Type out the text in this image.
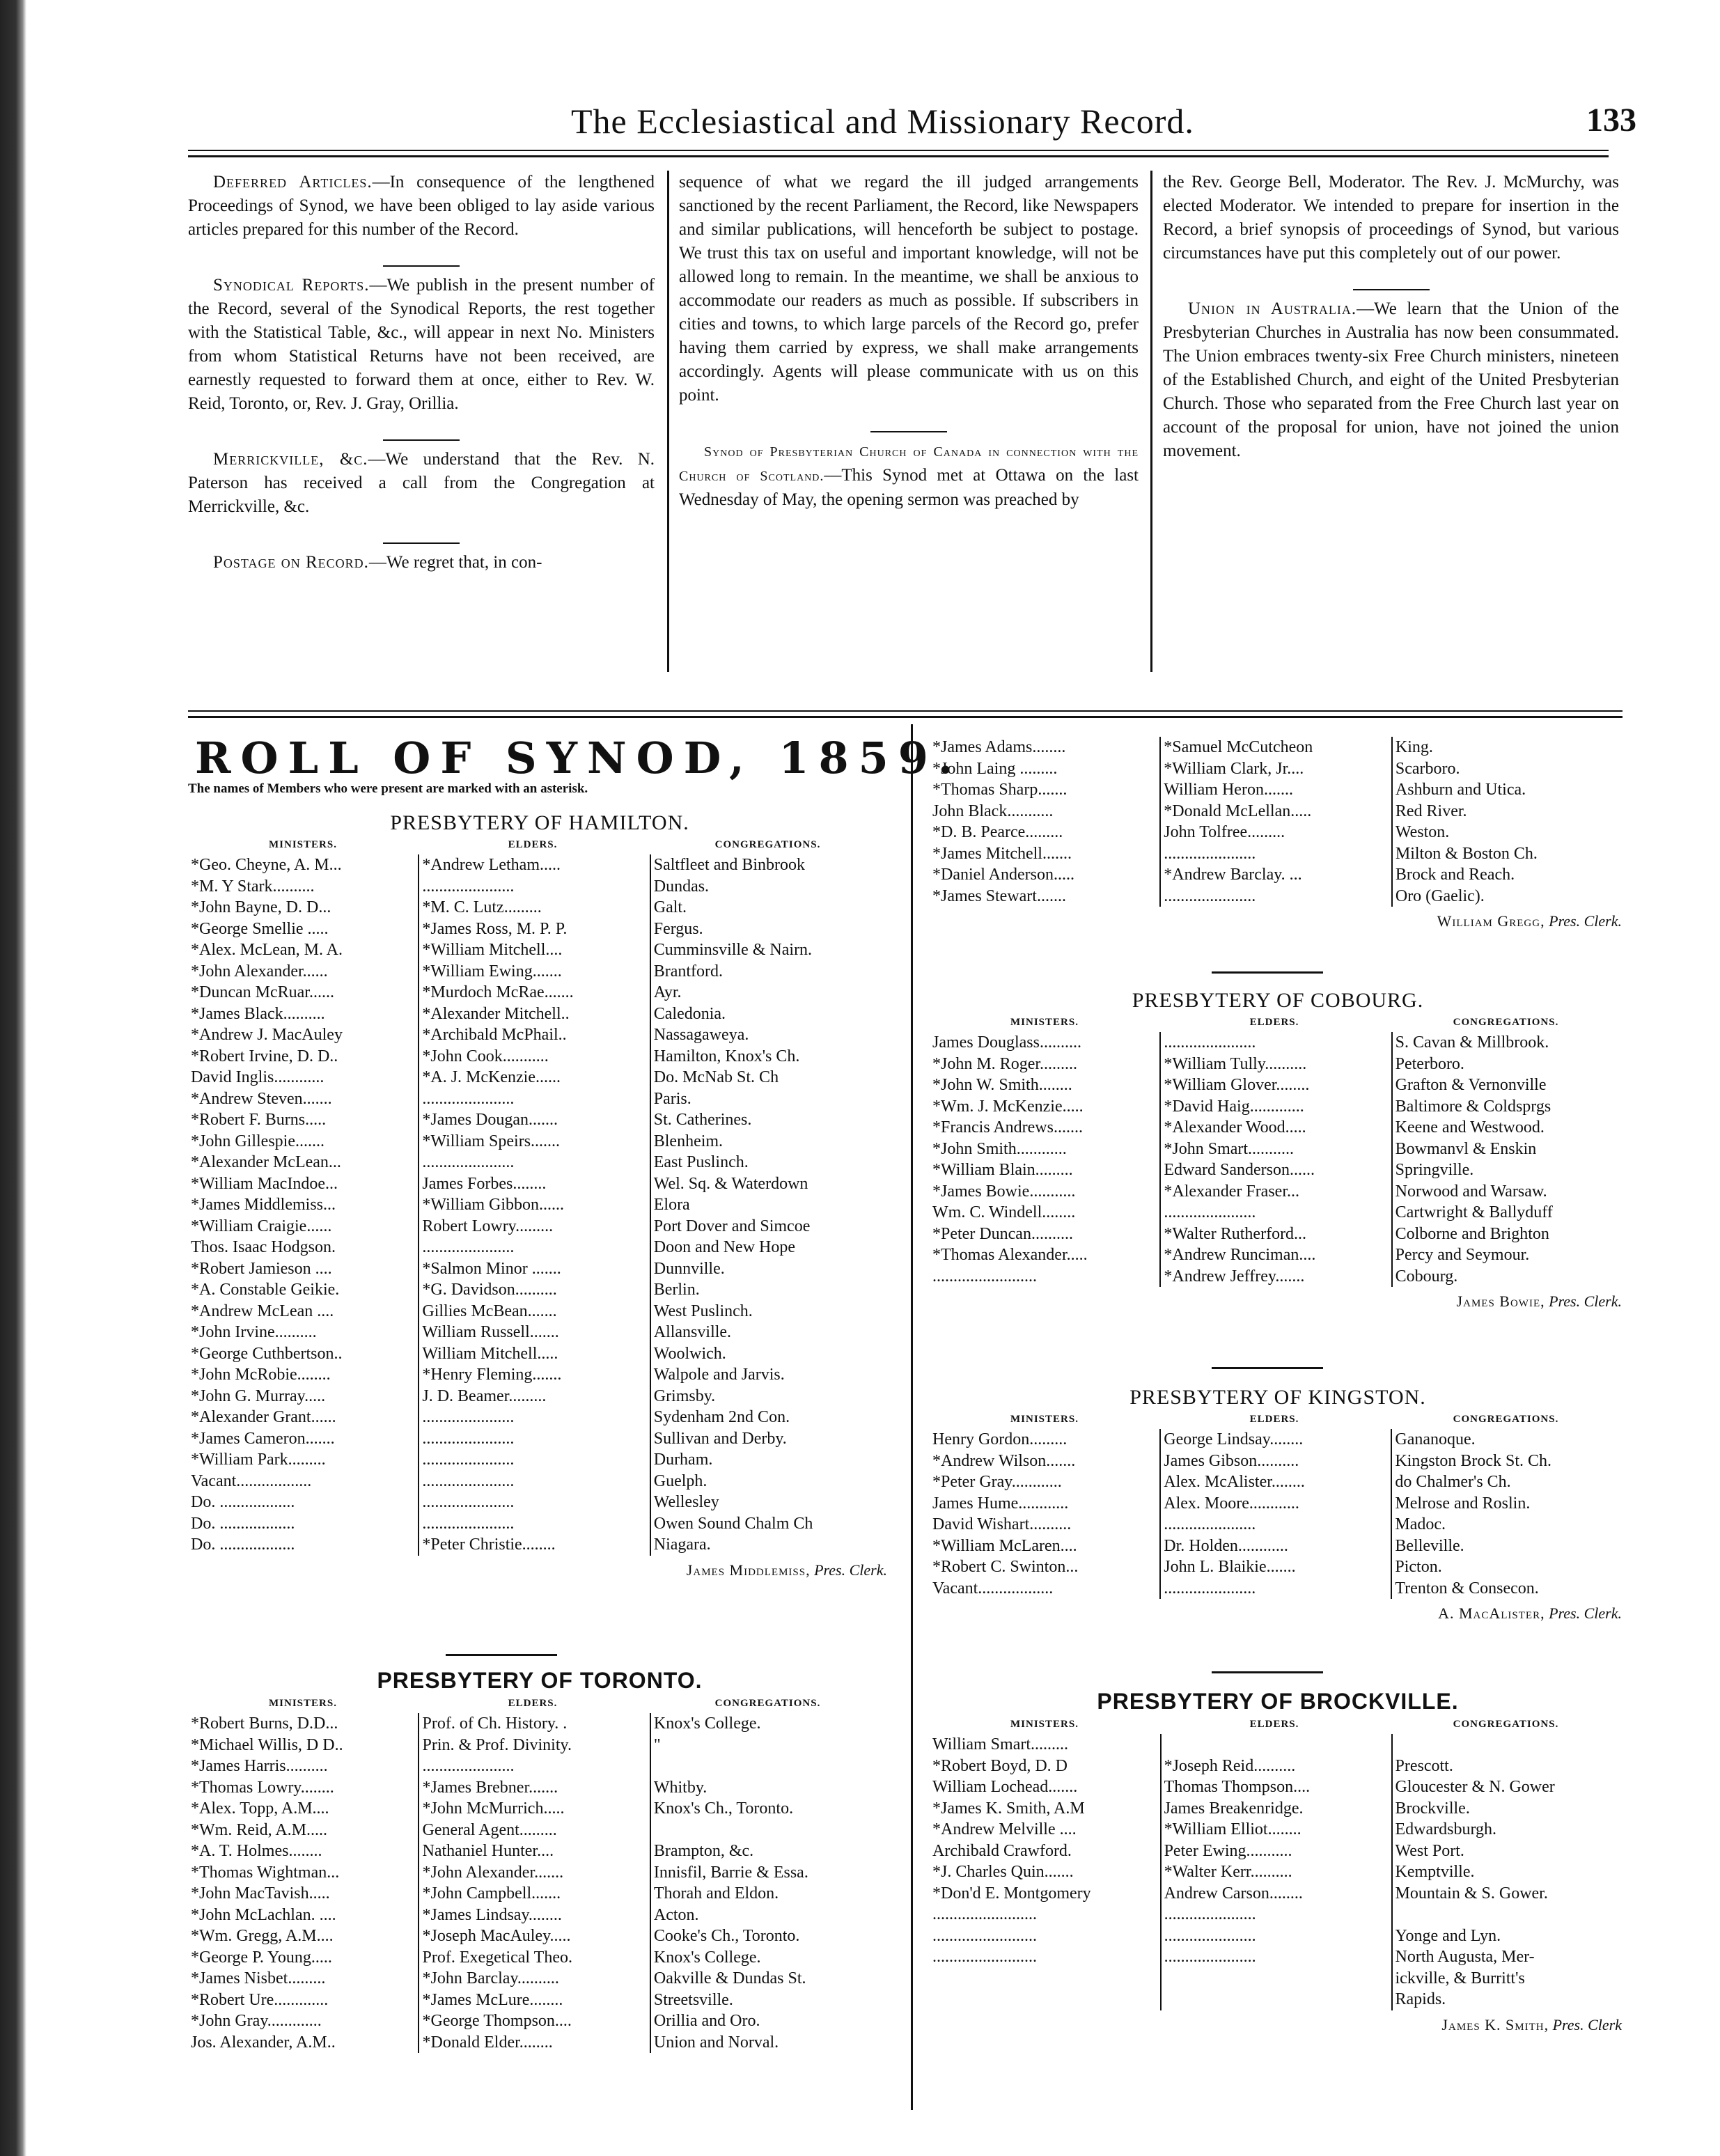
The Ecclesiastical and Missionary Record.	133

Deferred Articles.—In consequence of the lengthened Proceedings of Synod, we have been obliged to lay aside various articles prepared for this number of the Record.

Synodical Reports.—We publish in the present number of the Record, several of the Synodical Reports, the rest together with the Statistical Table, &c., will appear in next No. Ministers from whom Statistical Returns have not been received, are earnestly requested to forward them at once, either to Rev. W. Reid, Toronto, or, Rev. J. Gray, Orillia.

Merrickville, &c.—We understand that the Rev. N. Paterson has received a call from the Congregation at Merrickville, &c.

Postage on Record.—We regret that, in con-

sequence of what we regard the ill judged arrangements sanctioned by the recent Parliament, the Record, like Newspapers and similar publications, will henceforth be subject to postage. We trust this tax on useful and important knowledge, will not be allowed long to remain. In the meantime, we shall be anxious to accommodate our readers as much as possible. If subscribers in cities and towns, to which large parcels of the Record go, prefer having them carried by express, we shall make arrangements accordingly. Agents will please communicate with us on this point.

Synod of Presbyterian Church of Canada in connection with the Church of Scotland.—This Synod met at Ottawa on the last Wednesday of May, the opening sermon was preached by

the Rev. George Bell, Moderator. The Rev. J. McMurchy, was elected Moderator. We intended to prepare for insertion in the Record, a brief synopsis of proceedings of Synod, but various circumstances have put this completely out of our power.

Union in Australia.—We learn that the Union of the Presbyterian Churches in Australia has now been consummated. The Union embraces twenty-six Free Church ministers, nineteen of the Established Church, and eight of the United Presbyterian Church. Those who separated from the Free Church last year on account of the proposal for union, have not joined the union movement.

ROLL OF SYNOD, 1859.
The names of Members who were present are marked with an asterisk.
PRESBYTERY OF HAMILTON.
MINISTERS.	ELDERS.	CONGREGATIONS.
*Geo. Cheyne, A. M...	*Andrew Letham.....	Saltfleet and Binbrook
*M. Y Stark..........	......................	Dundas.
*John Bayne, D. D...	*M. C. Lutz.........	Galt.
*George Smellie .....	*James Ross, M. P. P.	Fergus.
*Alex. McLean, M. A.	*William Mitchell....	Cumminsville & Nairn.
*John Alexander......	*William Ewing.......	Brantford.
*Duncan McRuar......	*Murdoch McRae.......	Ayr.
*James Black..........	*Alexander Mitchell..	Caledonia.
*Andrew J. MacAuley	*Archibald McPhail..	Nassagaweya.
*Robert Irvine, D. D..	*John Cook...........	Hamilton, Knox's Ch.
David Inglis............	*A. J. McKenzie......	Do. McNab St. Ch
*Andrew Steven.......	......................	Paris.
*Robert F. Burns.....	*James Dougan.......	St. Catherines.
*John Gillespie.......	*William Speirs.......	Blenheim.
*Alexander McLean...	......................	East Puslinch.
*William MacIndoe...	James Forbes........	Wel. Sq. & Waterdown
*James Middlemiss...	*William Gibbon......	Elora
*William Craigie......	Robert Lowry.........	Port Dover and Simcoe
Thos. Isaac Hodgson.	......................	Doon and New Hope
*Robert Jamieson ....	*Salmon Minor .......	Dunnville.
*A. Constable Geikie.	*G. Davidson..........	Berlin.
*Andrew McLean ....	Gillies McBean.......	West Puslinch.
*John Irvine..........	William Russell.......	Allansville.
*George Cuthbertson..	William Mitchell.....	Woolwich.
*John McRobie........	*Henry Fleming.......	Walpole and Jarvis.
*John G. Murray.....	J. D. Beamer.........	Grimsby.
*Alexander Grant......	......................	Sydenham 2nd Con.
*James Cameron.......	......................	Sullivan and Derby.
*William Park.........	......................	Durham.
Vacant..................	......................	Guelph.
Do. ..................	......................	Wellesley
Do. ..................	......................	Owen Sound Chalm Ch
Do. ..................	*Peter Christie........	Niagara.
James Middlemiss, Pres. Clerk.
PRESBYTERY OF TORONTO.
MINISTERS.	ELDERS.	CONGREGATIONS.
*Robert Burns, D.D...	Prof. of Ch. History. .	Knox's College.
*Michael Willis, D D..	Prin. & Prof. Divinity.	"
*James Harris..........	......................	
*Thomas Lowry........	*James Brebner.......	Whitby.
*Alex. Topp, A.M....	*John McMurrich.....	Knox's Ch., Toronto.
*Wm. Reid, A.M.....	General Agent.........	
*A. T. Holmes........	Nathaniel Hunter....	Brampton, &c.
*Thomas Wightman...	*John Alexander.......	Innisfil, Barrie & Essa.
*John MacTavish.....	*John Campbell.......	Thorah and Eldon.
*John McLachlan. ....	*James Lindsay........	Acton.
*Wm. Gregg, A.M....	*Joseph MacAuley.....	Cooke's Ch., Toronto.
*George P. Young.....	Prof. Exegetical Theo.	Knox's College.
*James Nisbet.........	*John Barclay..........	Oakville & Dundas St.
*Robert Ure.............	*James McLure........	Streetsville.
*John Gray.............	*George Thompson....	Orillia and Oro.
Jos. Alexander, A.M..	*Donald Elder........	Union and Norval.
*James Adams........	*Samuel McCutcheon	King.
*John Laing .........	*William Clark, Jr....	Scarboro.
*Thomas Sharp.......	William Heron.......	Ashburn and Utica.
John Black...........	*Donald McLellan.....	Red River.
*D. B. Pearce.........	John Tolfree.........	Weston.
*James Mitchell.......	......................	Milton & Boston Ch.
*Daniel Anderson.....	*Andrew Barclay. ...	Brock and Reach.
*James Stewart.......	......................	Oro (Gaelic).
William Gregg, Pres. Clerk.
PRESBYTERY OF COBOURG.
MINISTERS.	ELDERS.	CONGREGATIONS.
James Douglass..........	......................	S. Cavan & Millbrook.
*John M. Roger.........	*William Tully..........	Peterboro.
*John W. Smith........	*William Glover........	Grafton & Vernonville
*Wm. J. McKenzie.....	*David Haig.............	Baltimore & Coldsprgs
*Francis Andrews.......	*Alexander Wood.....	Keene and Westwood.
*John Smith............	*John Smart...........	Bowmanvl & Enskin
*William Blain.........	Edward Sanderson......	Springville.
*James Bowie...........	*Alexander Fraser...	Norwood and Warsaw.
Wm. C. Windell........	......................	Cartwright & Ballyduff
*Peter Duncan..........	*Walter Rutherford...	Colborne and Brighton
*Thomas Alexander.....	*Andrew Runciman....	Percy and Seymour.
.........................	*Andrew Jeffrey.......	Cobourg.
James Bowie, Pres. Clerk.
PRESBYTERY OF KINGSTON.
MINISTERS.	ELDERS.	CONGREGATIONS.
Henry Gordon.........	George Lindsay........	Gananoque.
*Andrew Wilson.......	James Gibson..........	Kingston Brock St. Ch.
*Peter Gray............	Alex. McAlister........	do Chalmer's Ch.
James Hume............	Alex. Moore............	Melrose and Roslin.
David Wishart..........	......................	Madoc.
*William McLaren....	Dr. Holden............	Belleville.
*Robert C. Swinton...	John L. Blaikie.......	Picton.
Vacant..................	......................	Trenton & Consecon.
A. MacAlister, Pres. Clerk.
PRESBYTERY OF BROCKVILLE.
MINISTERS.	ELDERS.	CONGREGATIONS.
William Smart.........		
*Robert Boyd, D. D	*Joseph Reid..........	Prescott.
William Lochead.......	Thomas Thompson....	Gloucester & N. Gower
*James K. Smith, A.M	James Breakenridge.	Brockville.
*Andrew Melville ....	*William Elliot........	Edwardsburgh.
Archibald Crawford.	Peter Ewing...........	West Port.
*J. Charles Quin.......	*Walter Kerr..........	Kemptville.
*Don'd E. Montgomery	Andrew Carson........	Mountain & S. Gower.
.........................	......................	
.........................	......................	Yonge and Lyn.
.........................	......................	North Augusta, Mer-
		ickville, & Burritt's
		Rapids.
James K. Smith, Pres. Clerk
